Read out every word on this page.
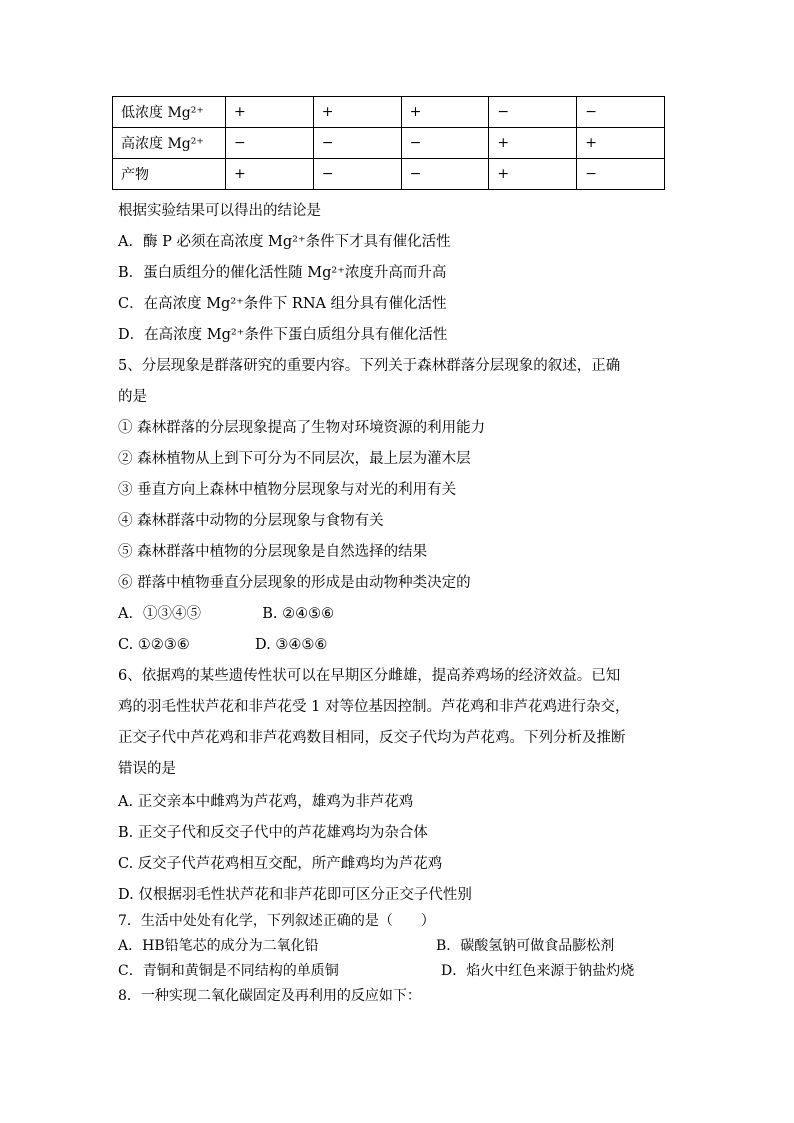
低浓度 Mg²⁺	+	+	+	−	−
高浓度 Mg²⁺	−	−	−	+	+
产物	+	−	−	+	−
根据实验结果可以得出的结论是
A．酶 P 必须在高浓度 Mg²⁺条件下才具有催化活性
B．蛋白质组分的催化活性随 Mg²⁺浓度升高而升高
C．在高浓度 Mg²⁺条件下 RNA 组分具有催化活性
D．在高浓度 Mg²⁺条件下蛋白质组分具有催化活性
5、分层现象是群落研究的重要内容。下列关于森林群落分层现象的叙述，正确
的是
① 森林群落的分层现象提高了生物对环境资源的利用能力
② 森林植物从上到下可分为不同层次，最上层为灌木层
③ 垂直方向上森林中植物分层现象与对光的利用有关
④ 森林群落中动物的分层现象与食物有关
⑤ 森林群落中植物的分层现象是自然选择的结果
⑥ 群落中植物垂直分层现象的形成是由动物种类决定的
A．①③④⑤	B. ②④⑤⑥
C. ①②③⑥	D. ③④⑤⑥
6、依据鸡的某些遗传性状可以在早期区分雌雄，提高养鸡场的经济效益。已知
鸡的羽毛性状芦花和非芦花受 1 对等位基因控制。芦花鸡和非芦花鸡进行杂交，
正交子代中芦花鸡和非芦花鸡数目相同，反交子代均为芦花鸡。下列分析及推断
错误的是
A. 正交亲本中雌鸡为芦花鸡，雄鸡为非芦花鸡
B. 正交子代和反交子代中的芦花雄鸡均为杂合体
C. 反交子代芦花鸡相互交配，所产雌鸡均为芦花鸡
D. 仅根据羽毛性状芦花和非芦花即可区分正交子代性别
7．生活中处处有化学，下列叙述正确的是（　　）
A．HB铅笔芯的成分为二氧化铅	B．碳酸氢钠可做食品膨松剂
C．青铜和黄铜是不同结构的单质铜	D．焰火中红色来源于钠盐灼烧
8．一种实现二氧化碳固定及再利用的反应如下：
